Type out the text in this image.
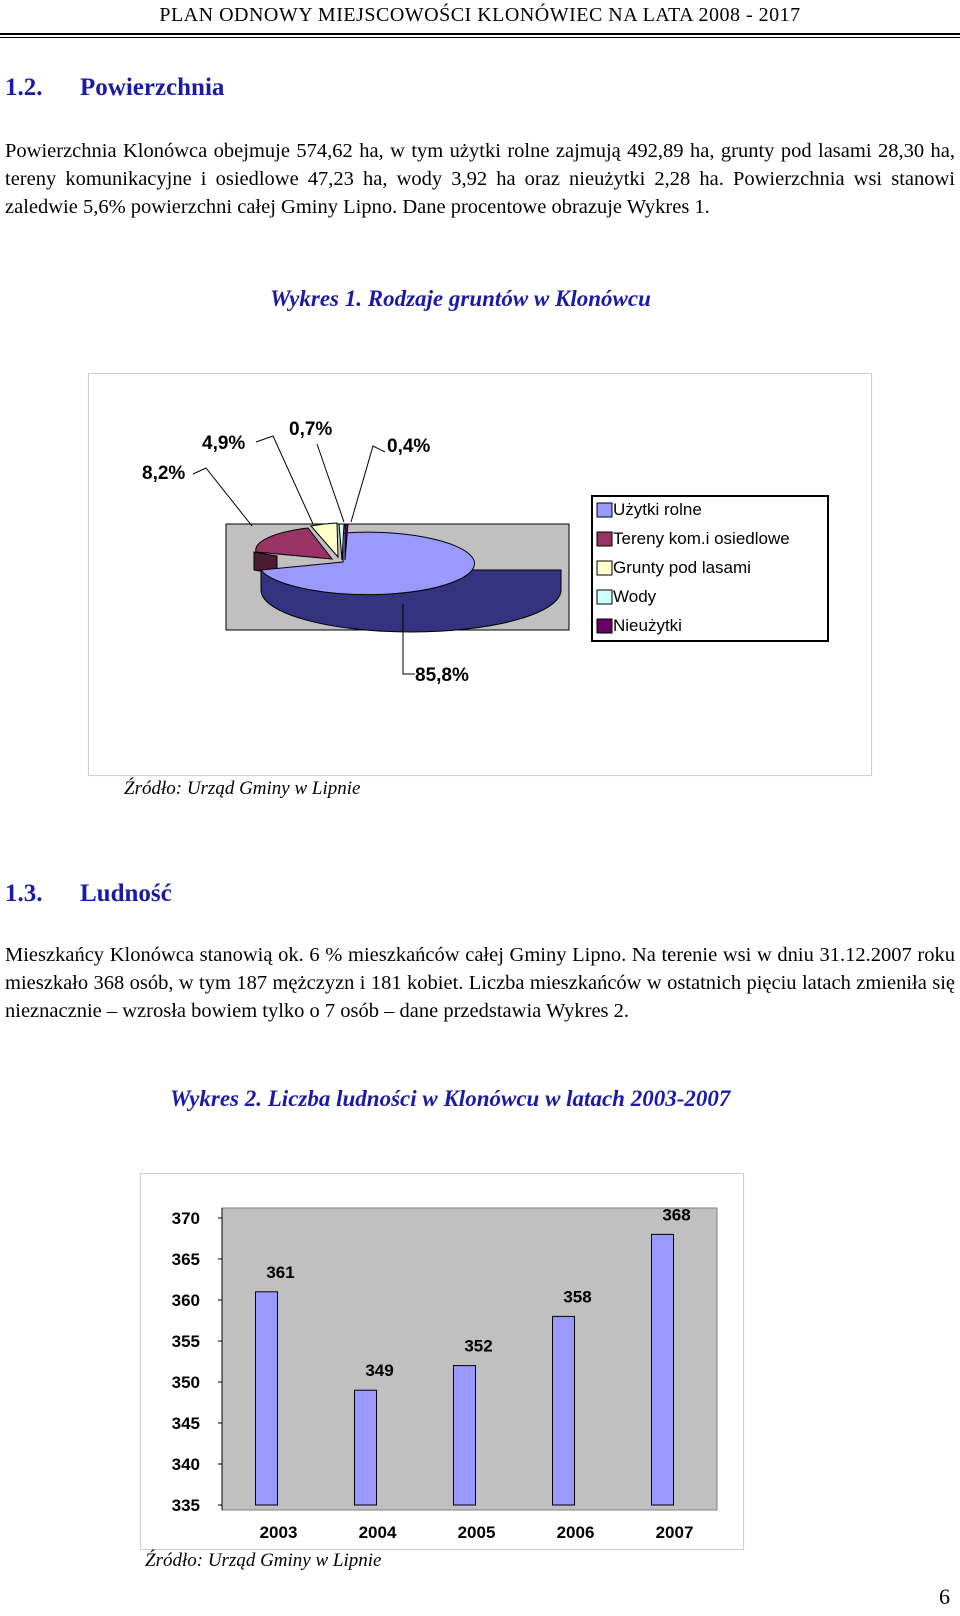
PLAN ODNOWY MIEJSCOWOŚCI KLONÓWIEC NA LATA 2008 - 2017
1.2. Powierzchnia
Powierzchnia Klonówca obejmuje 574,62 ha, w tym użytki rolne zajmują 492,89 ha, grunty pod lasami 28,30 ha, tereny komunikacyjne i osiedlowe 47,23 ha, wody 3,92 ha oraz nieużytki 2,28 ha. Powierzchnia wsi stanowi zaledwie 5,6% powierzchni całej Gminy Lipno. Dane procentowe obrazuje Wykres 1.
Wykres 1. Rodzaje gruntów w Klonówcu
8,2%
4,9%
0,7%
0,4%
85,8%
Użytki rolne
Tereny kom.i osiedlowe
Grunty pod lasami
Wody
Nieużytki
Źródło: Urząd Gminy w Lipnie
1.3. Ludność
Mieszkańcy Klonówca stanowią ok. 6 % mieszkańców całej Gminy Lipno. Na terenie wsi w dniu 31.12.2007 roku mieszkało 368 osób, w tym 187 mężczyzn i 181 kobiet. Liczba mieszkańców w ostatnich pięciu latach zmieniła się nieznacznie – wzrosła bowiem tylko o 7 osób – dane przedstawia Wykres 2.
Wykres 2. Liczba ludności w Klonówcu w latach 2003-2007
370
365
360
355
350
345
340
335
361
2003
349
2004
352
2005
358
2006
368
2007
Źródło: Urząd Gminy w Lipnie
6
